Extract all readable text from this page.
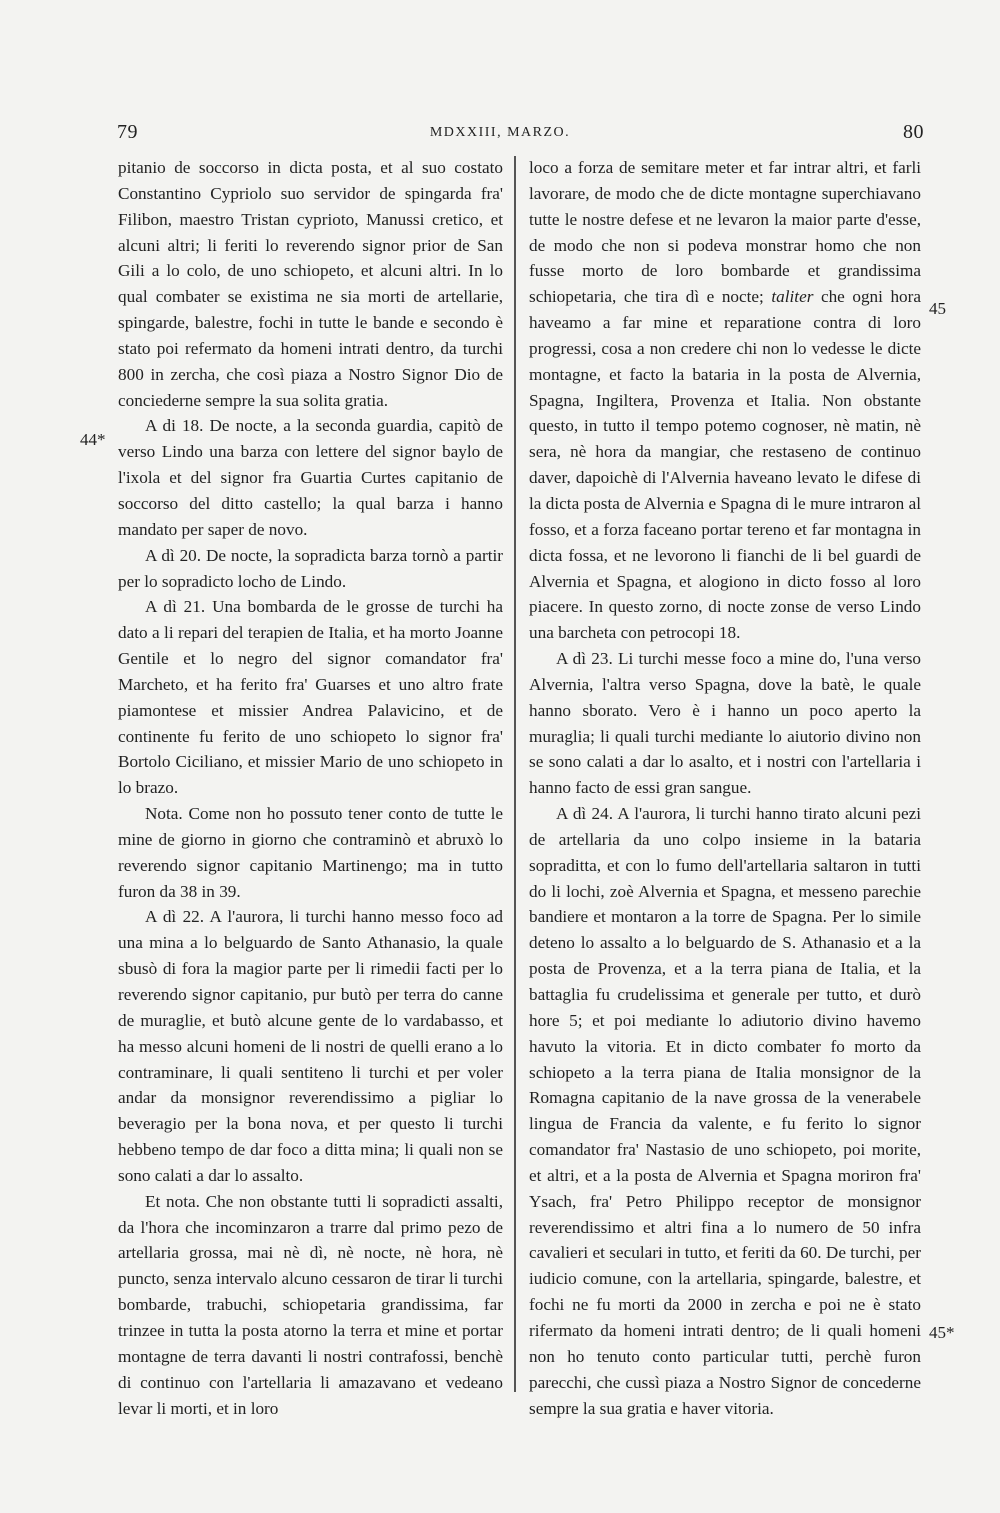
79	MDXXIII, MARZO.	80
44*
45
45*

pitanio de soccorso in dicta posta, et al suo costato Constantino Cypriolo suo servidor de spingarda fra' Filibon, maestro Tristan cyprioto, Manussi cretico, et alcuni altri; li feriti lo reverendo signor prior de San Gili a lo colo, de uno schiopeto, et alcuni altri. In lo qual combater se existima ne sia morti de artellarie, spingarde, balestre, fochi in tutte le bande e secondo è stato poi refermato da homeni intrati dentro, da turchi 800 in zercha, che così piaza a Nostro Signor Dio de conciederne sempre la sua solita gratia.

A di 18. De nocte, a la seconda guardia, capitò de verso Lindo una barza con lettere del signor baylo de l'ixola et del signor fra Guartia Curtes capitanio de soccorso del ditto castello; la qual barza i hanno mandato per saper de novo.

A dì 20. De nocte, la sopradicta barza tornò a partir per lo sopradicto locho de Lindo.

A dì 21. Una bombarda de le grosse de turchi ha dato a li repari del terapien de Italia, et ha morto Joanne Gentile et lo negro del signor comandator fra' Marcheto, et ha ferito fra' Guarses et uno altro frate piamontese et missier Andrea Palavicino, et de continente fu ferito de uno schiopeto lo signor fra' Bortolo Ciciliano, et missier Mario de uno schiopeto in lo brazo.

Nota. Come non ho possuto tener conto de tutte le mine de giorno in giorno che contraminò et abruxò lo reverendo signor capitanio Martinengo; ma in tutto furon da 38 in 39.

A dì 22. A l'aurora, li turchi hanno messo foco ad una mina a lo belguardo de Santo Athanasio, la quale sbusò di fora la magior parte per li rimedii facti per lo reverendo signor capitanio, pur butò per terra do canne de muraglie, et butò alcune gente de lo vardabasso, et ha messo alcuni homeni de li nostri de quelli erano a lo contraminare, li quali sentiteno li turchi et per voler andar da monsignor reverendissimo a pigliar lo beveragio per la bona nova, et per questo li turchi hebbeno tempo de dar foco a ditta mina; li quali non se sono calati a dar lo assalto.

Et nota. Che non obstante tutti li sopradicti assalti, da l'hora che incominzaron a trarre dal primo pezo de artellaria grossa, mai nè dì, nè nocte, nè hora, nè puncto, senza intervalo alcuno cessaron de tirar li turchi bombarde, trabuchi, schiopetaria grandissima, far trinzee in tutta la posta atorno la terra et mine et portar montagne de terra davanti li nostri contrafossi, benchè di continuo con l'artellaria li amazavano et vedeano levar li morti, et in loro

loco a forza de semitare meter et far intrar altri, et farli lavorare, de modo che de dicte montagne superchiavano tutte le nostre defese et ne levaron la maior parte d'esse, de modo che non si podeva monstrar homo che non fusse morto de loro bombarde et grandissima schiopetaria, che tira dì e nocte; taliter che ogni hora haveamo a far mine et reparatione contra di loro progressi, cosa a non credere chi non lo vedesse le dicte montagne, et facto la bataria in la posta de Alvernia, Spagna, Ingiltera, Provenza et Italia. Non obstante questo, in tutto il tempo potemo cognoser, nè matin, nè sera, nè hora da mangiar, che restaseno de continuo daver, dapoichè di l'Alvernia haveano levato le difese di la dicta posta de Alvernia e Spagna di le mure intraron al fosso, et a forza faceano portar tereno et far montagna in dicta fossa, et ne levorono li fianchi de li bel guardi de Alvernia et Spagna, et alogiono in dicto fosso al loro piacere. In questo zorno, di nocte zonse de verso Lindo una barcheta con petrocopi 18.

A dì 23. Li turchi messe foco a mine do, l'una verso Alvernia, l'altra verso Spagna, dove la batè, le quale hanno sborato. Vero è i hanno un poco aperto la muraglia; li quali turchi mediante lo aiutorio divino non se sono calati a dar lo asalto, et i nostri con l'artellaria i hanno facto de essi gran sangue.

A dì 24. A l'aurora, li turchi hanno tirato alcuni pezi de artellaria da uno colpo insieme in la bataria sopraditta, et con lo fumo dell'artellaria saltaron in tutti do li lochi, zoè Alvernia et Spagna, et messeno parechie bandiere et montaron a la torre de Spagna. Per lo simile deteno lo assalto a lo belguardo de S. Athanasio et a la posta de Provenza, et a la terra piana de Italia, et la battaglia fu crudelissima et generale per tutto, et durò hore 5; et poi mediante lo adiutorio divino havemo havuto la vitoria. Et in dicto combater fo morto da schiopeto a la terra piana de Italia monsignor de la Romagna capitanio de la nave grossa de la venerabele lingua de Francia da valente, e fu ferito lo signor comandator fra' Nastasio de uno schiopeto, poi morite, et altri, et a la posta de Alvernia et Spagna moriron fra' Ysach, fra' Petro Philippo receptor de monsignor reverendissimo et altri fina a lo numero de 50 infra cavalieri et seculari in tutto, et feriti da 60. De turchi, per iudicio comune, con la artellaria, spingarde, balestre, et fochi ne fu morti da 2000 in zercha e poi ne è stato rifermato da homeni intrati dentro; de li quali homeni non ho tenuto conto particular tutti, perchè furon parecchi, che cussì piaza a Nostro Signor de concederne sempre la sua gratia e haver vitoria.
